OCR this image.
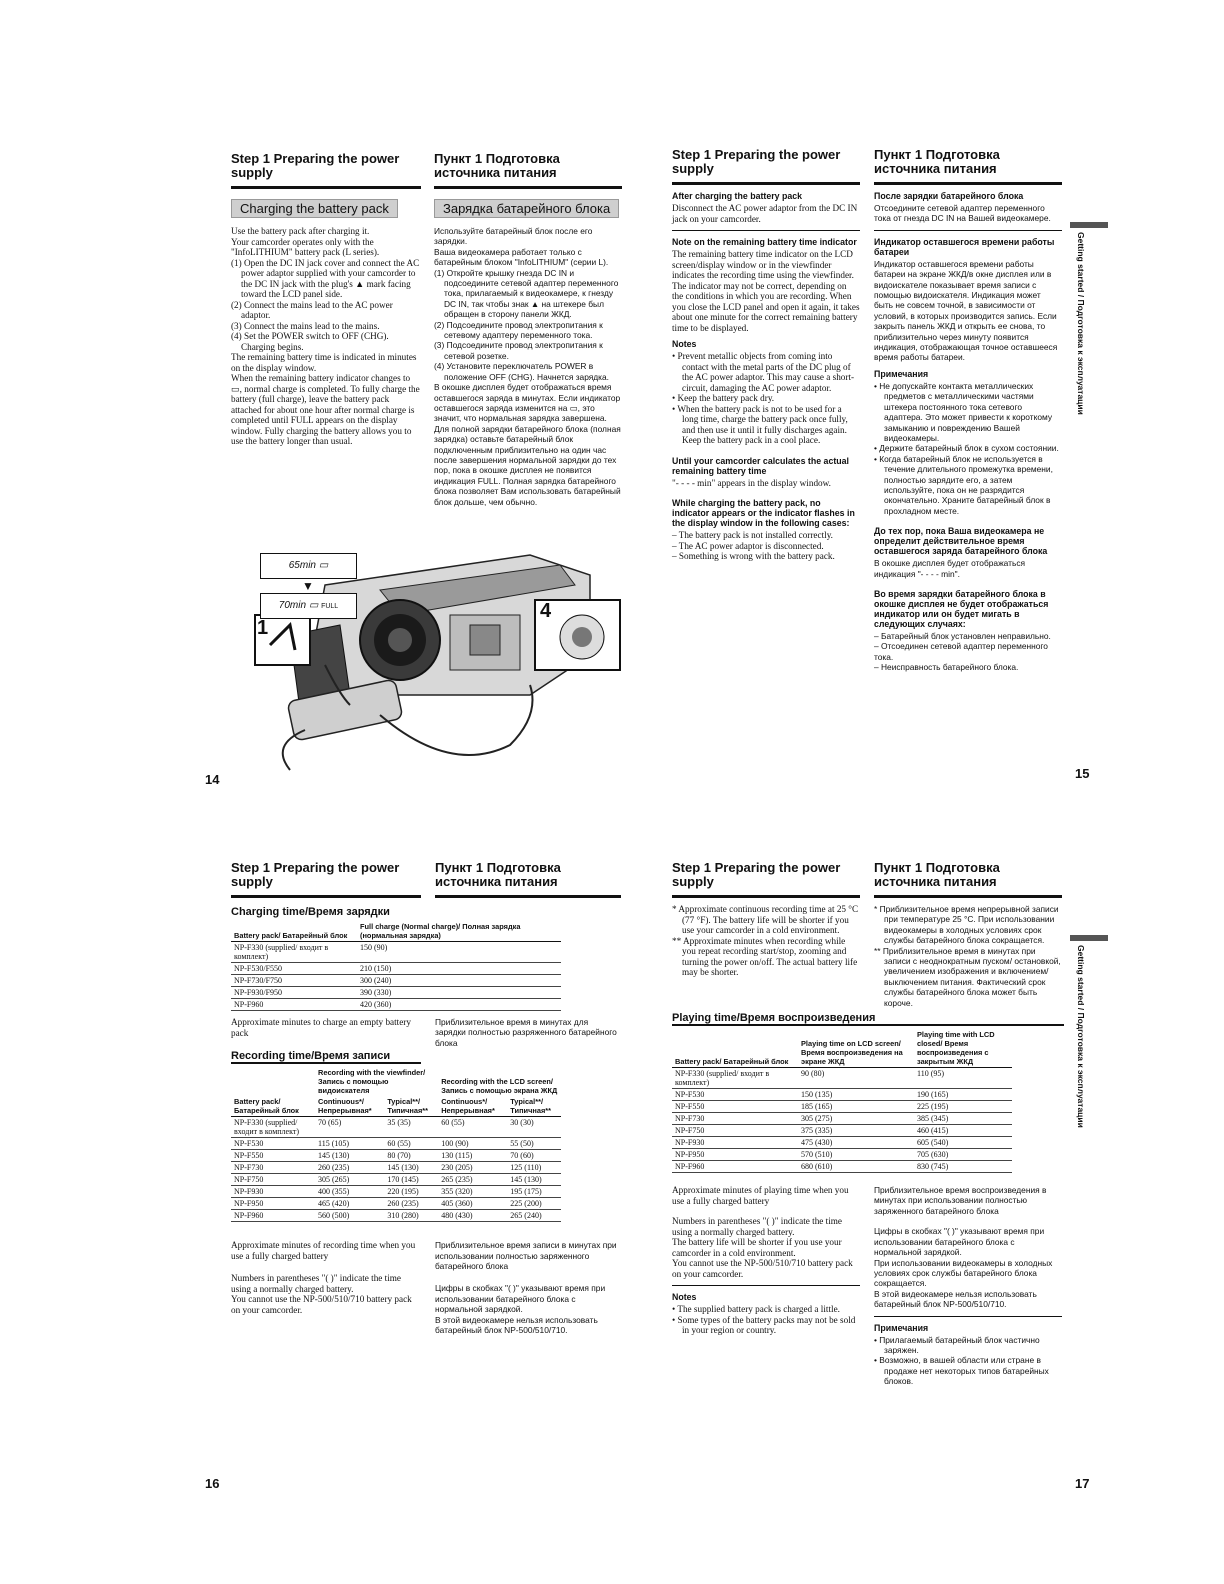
Step 1 Preparing the power supply
Charging the battery pack

Use the battery pack after charging it.

Your camcorder operates only with the "InfoLITHIUM" battery pack (L series).

(1) Open the DC IN jack cover and connect the AC power adaptor supplied with your camcorder to the DC IN jack with the plug's ▲ mark facing toward the LCD panel side.

(2) Connect the mains lead to the AC power adaptor.

(3) Connect the mains lead to the mains.

(4) Set the POWER switch to OFF (CHG). Charging begins.

The remaining battery time is indicated in minutes on the display window.

When the remaining battery indicator changes to ▭, normal charge is completed. To fully charge the battery (full charge), leave the battery pack attached for about one hour after normal charge is completed until FULL appears on the display window. Fully charging the battery allows you to use the battery longer than usual.

Пункт 1 Подготовка источника питания
Зарядка батарейного блока

Используйте батарейный блок после его зарядки.

Ваша видеокамера работает только с батарейным блоком "InfoLITHIUM" (серии L).

(1) Откройте крышку гнезда DC IN и подсоедините сетевой адаптер переменного тока, прилагаемый к видеокамере, к гнезду DC IN, так чтобы знак ▲ на штекере был обращен в сторону панели ЖКД.

(2) Подсоедините провод электропитания к сетевому адаптеру переменного тока.

(3) Подсоедините провод электропитания к сетевой розетке.

(4) Установите переключатель POWER в положение OFF (CHG). Начнется зарядка.

В окошке дисплея будет отображаться время оставшегося заряда в минутах. Если индикатор оставшегося заряда изменится на ▭, это значит, что нормальная зарядка завершена. Для полной зарядки батарейного блока (полная зарядка) оставьте батарейный блок подключенным приблизительно на один час после завершения нормальной зарядки до тех пор, пока в окошке дисплея не появится индикация FULL. Полная зарядка батарейного блока позволяет Вам использовать батарейный блок дольше, чем обычно.

65min ▭
▼
70min ▭ FULL
1
4
14
Step 1 Preparing the power supply
After charging the battery pack

Disconnect the AC power adaptor from the DC IN jack on your camcorder.

Note on the remaining battery time indicator

The remaining battery time indicator on the LCD screen/display window or in the viewfinder indicates the recording time using the viewfinder. The indicator may not be correct, depending on the conditions in which you are recording. When you close the LCD panel and open it again, it takes about one minute for the correct remaining battery time to be displayed.

Notes

• Prevent metallic objects from coming into contact with the metal parts of the DC plug of the AC power adaptor. This may cause a short-circuit, damaging the AC power adaptor.

• Keep the battery pack dry.

• When the battery pack is not to be used for a long time, charge the battery pack once fully, and then use it until it fully discharges again. Keep the battery pack in a cool place.

Until your camcorder calculates the actual remaining battery time

"- - - - min" appears in the display window.

While charging the battery pack, no indicator appears or the indicator flashes in the display window in the following cases:

– The battery pack is not installed correctly.

– The AC power adaptor is disconnected.

– Something is wrong with the battery pack.

Пункт 1 Подготовка источника питания
После зарядки батарейного блока

Отсоедините сетевой адаптер переменного тока от гнезда DC IN на Вашей видеокамере.

Индикатор оставшегося времени работы батареи

Индикатор оставшегося времени работы батареи на экране ЖКД/в окне дисплея или в видоискателе показывает время записи с помощью видоискателя. Индикация может быть не совсем точной, в зависимости от условий, в которых производится запись. Если закрыть панель ЖКД и открыть ее снова, то приблизительно через минуту появится индикация, отображающая точное оставшееся время работы батареи.

Примечания

• Не допускайте контакта металлических предметов с металлическими частями штекера постоянного тока сетевого адаптера. Это может привести к короткому замыканию и повреждению Вашей видеокамеры.

• Держите батарейный блок в сухом состоянии.

• Когда батарейный блок не используется в течение длительного промежутка времени, полностью зарядите его, а затем используйте, пока он не разрядится окончательно. Храните батарейный блок в прохладном месте.

До тех пор, пока Ваша видеокамера не определит действительное время оставшегося заряда батарейного блока

В окошке дисплея будет отображаться индикация "- - - - min".

Во время зарядки батарейного блока в окошке дисплея не будет отображаться индикатор или он будет мигать в следующих случаях:

– Батарейный блок установлен неправильно.

– Отсоединен сетевой адаптер переменного тока.

– Неисправность батарейного блока.

Getting started / Подготовка к эксплуатации
15
Step 1 Preparing the power supply
Пункт 1 Подготовка источника питания
Charging time/Время зарядки
Battery pack/ Батарейный блок	Full charge (Normal charge)/ Полная зарядка (нормальная зарядка)
NP-F330 (supplied/ входит в комплект)	150 (90)
NP-F530/F550	210 (150)
NP-F730/F750	300 (240)
NP-F930/F950	390 (330)
NP-F960	420 (360)
Approximate minutes to charge an empty battery pack
Приблизительное время в минутах для зарядки полностью разряженного батарейного блока
Recording time/Время записи
Battery pack/ Батарейный блок	Recording with the viewfinder/ Запись с помощью видоискателя		Recording with the LCD screen/ Запись с помощью экрана ЖКД	
	Continuous*/ Непрерывная*	Typical**/ Типичная**	Continuous*/ Непрерывная*	Typical**/ Типичная**
NP-F330 (supplied/ входит в комплект)	70 (65)	35 (35)	60 (55)	30 (30)
NP-F530	115 (105)	60 (55)	100 (90)	55 (50)
NP-F550	145 (130)	80 (70)	130 (115)	70 (60)
NP-F730	260 (235)	145 (130)	230 (205)	125 (110)
NP-F750	305 (265)	170 (145)	265 (235)	145 (130)
NP-F930	400 (355)	220 (195)	355 (320)	195 (175)
NP-F950	465 (420)	260 (235)	405 (360)	225 (200)
NP-F960	560 (500)	310 (280)	480 (430)	265 (240)

Approximate minutes of recording time when you use a fully charged battery

Numbers in parentheses "( )" indicate the time using a normally charged battery.
You cannot use the NP-500/510/710 battery pack on your camcorder.

Приблизительное время записи в минутах при использовании полностью заряженного батарейного блока

Цифры в скобках "( )" указывают время при использовании батарейного блока с нормальной зарядкой.
В этой видеокамере нельзя использовать батарейный блок NP-500/510/710.

16
Step 1 Preparing the power supply
Пункт 1 Подготовка источника питания

* Approximate continuous recording time at 25 °C (77 °F). The battery life will be shorter if you use your camcorder in a cold environment.

** Approximate minutes when recording while you repeat recording start/stop, zooming and turning the power on/off. The actual battery life may be shorter.

* Приблизительное время непрерывной записи при температуре 25 °C. При использовании видеокамеры в холодных условиях срок службы батарейного блока сокращается.

** Приблизительное время в минутах при записи с неоднократным пуском/ остановкой, увеличением изображения и включением/выключением питания. Фактический срок службы батарейного блока может быть короче.

Playing time/Время воспроизведения
Battery pack/ Батарейный блок	Playing time on LCD screen/ Время воспроизведения на экране ЖКД	Playing time with LCD closed/ Время воспроизведения с закрытым ЖКД
NP-F330 (supplied/ входит в комплект)	90 (80)	110 (95)
NP-F530	150 (135)	190 (165)
NP-F550	185 (165)	225 (195)
NP-F730	305 (275)	385 (345)
NP-F750	375 (335)	460 (415)
NP-F930	475 (430)	605 (540)
NP-F950	570 (510)	705 (630)
NP-F960	680 (610)	830 (745)

Approximate minutes of playing time when you use a fully charged battery

Numbers in parentheses "( )" indicate the time using a normally charged battery.
The battery life will be shorter if you use your camcorder in a cold environment.
You cannot use the NP-500/510/710 battery pack on your camcorder.

Notes

• The supplied battery pack is charged a little.

• Some types of the battery packs may not be sold in your region or country.

Приблизительное время воспроизведения в минутах при использовании полностью заряженного батарейного блока

Цифры в скобках "( )" указывают время при использовании батарейного блока с нормальной зарядкой.
При использовании видеокамеры в холодных условиях срок службы батарейного блока сокращается.
В этой видеокамере нельзя использовать батарейный блок NP-500/510/710.

Примечания

• Прилагаемый батарейный блок частично заряжен.

• Возможно, в вашей области или стране в продаже нет некоторых типов батарейных блоков.

Getting started / Подготовка к эксплуатации
17
